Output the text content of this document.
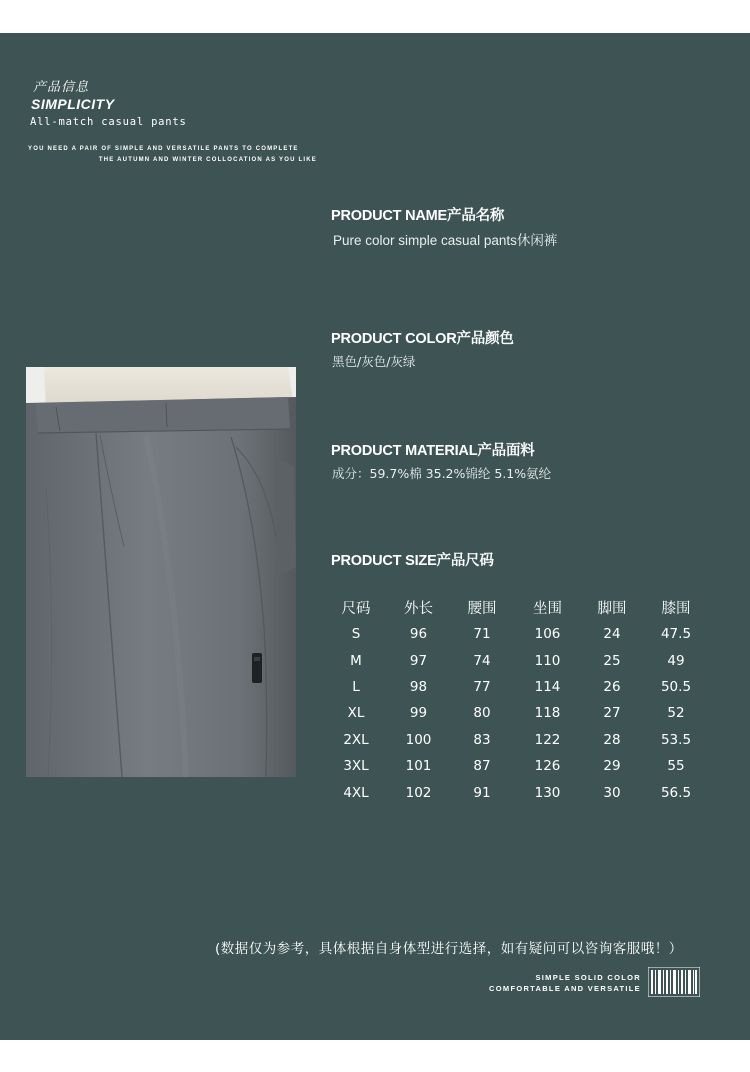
产品信息
SIMPLICITY
All-match casual pants
YOU NEED A PAIR OF SIMPLE AND VERSATILE PANTS TO COMPLETE
THE AUTUMN AND WINTER COLLOCATION AS YOU LIKE
PRODUCT NAME产品名称
Pure color simple casual pants休闲裤
PRODUCT COLOR产品颜色
黑色/灰色/灰绿
PRODUCT MATERIAL产品面料
成分：59.7%棉 35.2%锦纶 5.1%氨纶
PRODUCT SIZE产品尺码
尺码	外长	腰围	坐围	脚围	膝围
S	96	71	106	24	47.5
M	97	74	110	25	49
L	98	77	114	26	50.5
XL	99	80	118	27	52
2XL	100	83	122	28	53.5
3XL	101	87	126	29	55
4XL	102	91	130	30	56.5
(数据仅为参考，具体根据自身体型进行选择，如有疑问可以咨询客服哦！）
SIMPLE SOLID COLOR
COMFORTABLE AND VERSATILE
